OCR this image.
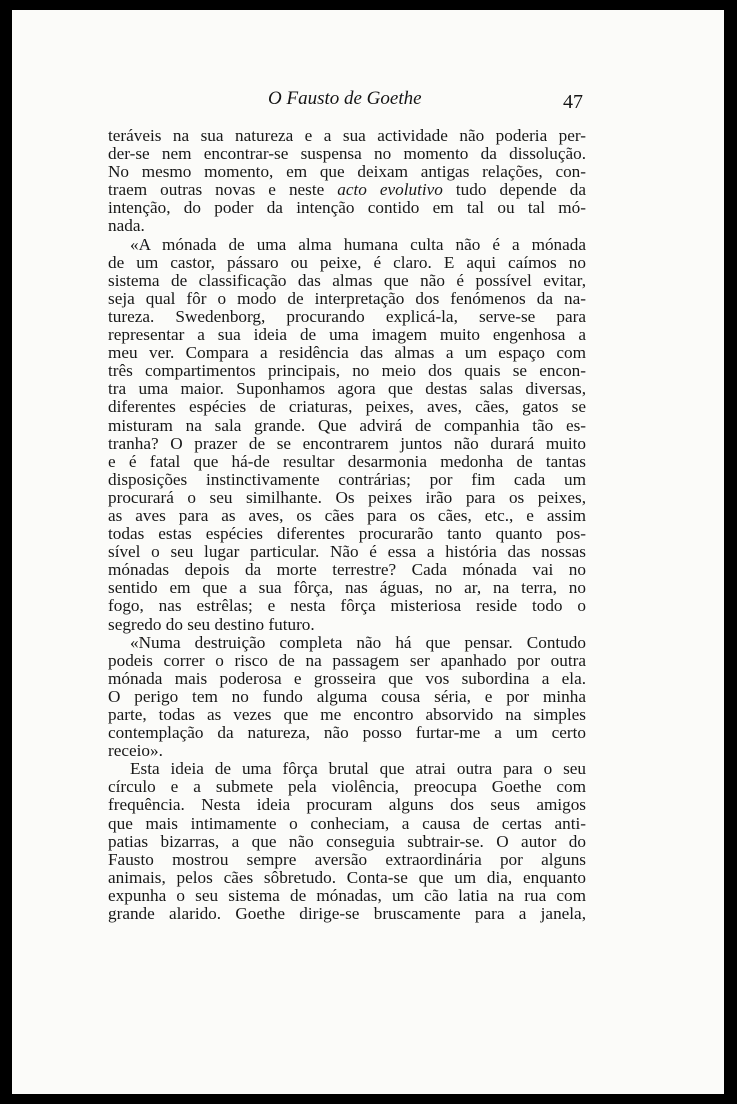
O Fausto de Goethe	47
teráveis na sua natureza e a sua actividade não poderia per-
der-se nem encontrar-se suspensa no momento da dissolução.
No mesmo momento, em que deixam antigas relações, con-
traem outras novas e neste acto evolutivo tudo depende da
intenção, do poder da intenção contido em tal ou tal mó-
nada.
«A mónada de uma alma humana culta não é a mónada
de um castor, pássaro ou peixe, é claro. E aqui caímos no
sistema de classificação das almas que não é possível evitar,
seja qual fôr o modo de interpretação dos fenómenos da na-
tureza. Swedenborg, procurando explicá-la, serve-se para
representar a sua ideia de uma imagem muito engenhosa a
meu ver. Compara a residência das almas a um espaço com
três compartimentos principais, no meio dos quais se encon-
tra uma maior. Suponhamos agora que destas salas diversas,
diferentes espécies de criaturas, peixes, aves, cães, gatos se
misturam na sala grande. Que advirá de companhia tão es-
tranha? O prazer de se encontrarem juntos não durará muito
e é fatal que há-de resultar desarmonia medonha de tantas
disposições instinctivamente contrárias; por fim cada um
procurará o seu similhante. Os peixes irão para os peixes,
as aves para as aves, os cães para os cães, etc., e assim
todas estas espécies diferentes procurarão tanto quanto pos-
sível o seu lugar particular. Não é essa a história das nossas
mónadas depois da morte terrestre? Cada mónada vai no
sentido em que a sua fôrça, nas águas, no ar, na terra, no
fogo, nas estrêlas; e nesta fôrça misteriosa reside todo o
segredo do seu destino futuro.
«Numa destruição completa não há que pensar. Contudo
podeis correr o risco de na passagem ser apanhado por outra
mónada mais poderosa e grosseira que vos subordina a ela.
O perigo tem no fundo alguma cousa séria, e por minha
parte, todas as vezes que me encontro absorvido na simples
contemplação da natureza, não posso furtar-me a um certo
receio».
Esta ideia de uma fôrça brutal que atrai outra para o seu
círculo e a submete pela violência, preocupa Goethe com
frequência. Nesta ideia procuram alguns dos seus amigos
que mais intimamente o conheciam, a causa de certas anti-
patias bizarras, a que não conseguia subtrair-se. O autor do
Fausto mostrou sempre aversão extraordinária por alguns
animais, pelos cães sôbretudo. Conta-se que um dia, enquanto
expunha o seu sistema de mónadas, um cão latia na rua com
grande alarido. Goethe dirige-se bruscamente para a janela,
